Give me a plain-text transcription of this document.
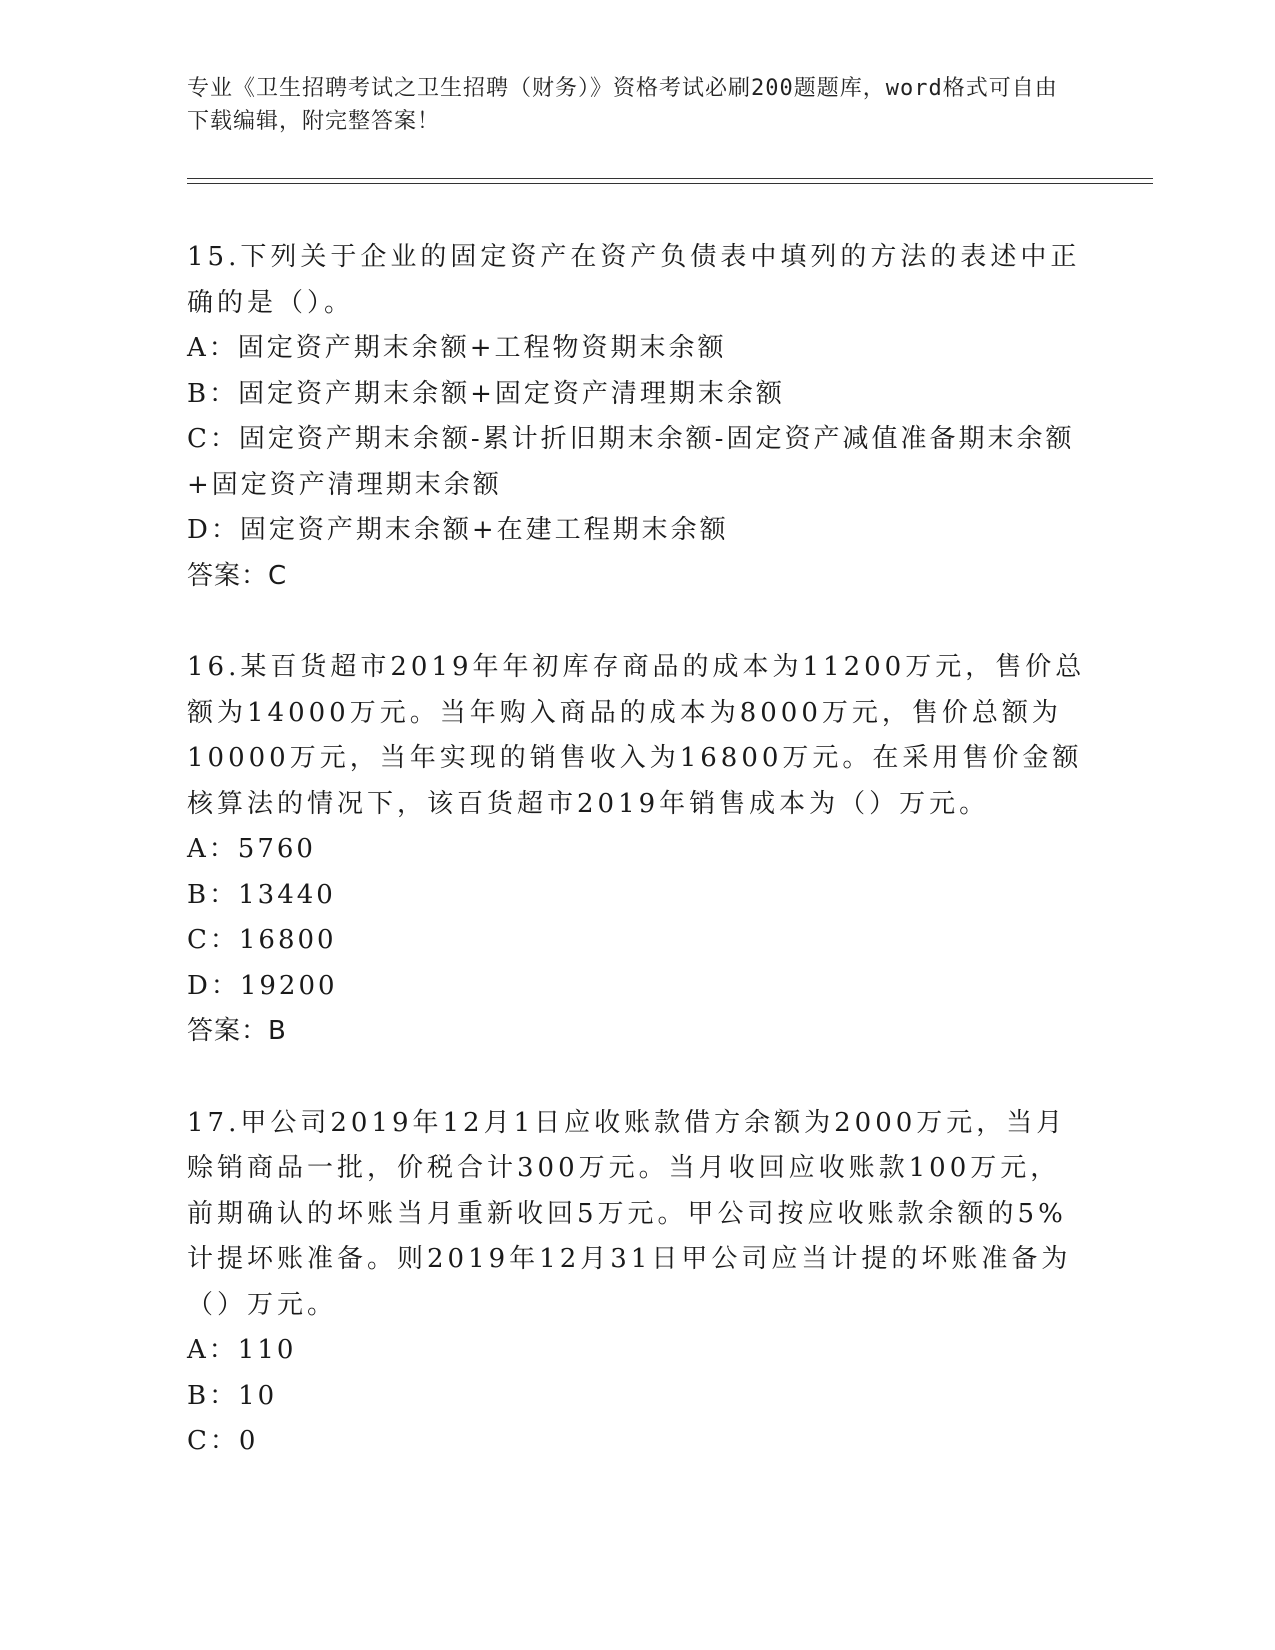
专业《卫生招聘考试之卫生招聘（财务）》资格考试必刷200题题库，word格式可自由下载编辑，附完整答案！

15.下列关于企业的固定资产在资产负债表中填列的方法的表述中正确的是（）。

A：固定资产期末余额+工程物资期末余额

B：固定资产期末余额+固定资产清理期末余额

C：固定资产期末余额-累计折旧期末余额-固定资产减值准备期末余额+固定资产清理期末余额

D：固定资产期末余额+在建工程期末余额

答案：C

16.某百货超市2019年年初库存商品的成本为11200万元，售价总额为14000万元。当年购入商品的成本为8000万元，售价总额为10000万元，当年实现的销售收入为16800万元。在采用售价金额核算法的情况下，该百货超市2019年销售成本为（）万元。

A：5760

B：13440

C：16800

D：19200

答案：B

17.甲公司2019年12月1日应收账款借方余额为2000万元，当月赊销商品一批，价税合计300万元。当月收回应收账款100万元，前期确认的坏账当月重新收回5万元。甲公司按应收账款余额的5%计提坏账准备。则2019年12月31日甲公司应当计提的坏账准备为（）万元。

A：110

B：10

C：0
